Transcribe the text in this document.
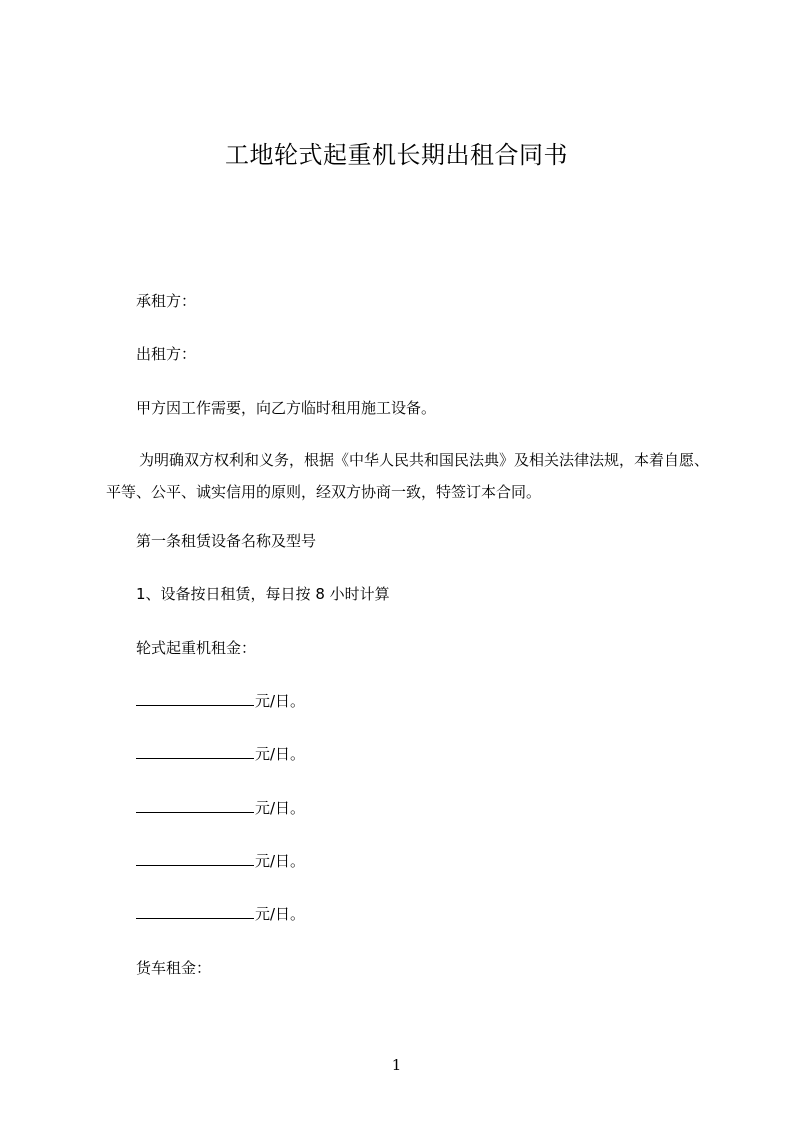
工地轮式起重机长期出租合同书
承租方：
出租方：
甲方因工作需要，向乙方临时租用施工设备。
为明确双方权利和义务，根据《中华人民共和国民法典》及相关法律法规，本着自愿、平等、公平、诚实信用的原则，经双方协商一致，特签订本合同。
第一条租赁设备名称及型号
1、设备按日租赁，每日按 8 小时计算
轮式起重机租金：
元/日。
元/日。
元/日。
元/日。
元/日。
货车租金：
1
